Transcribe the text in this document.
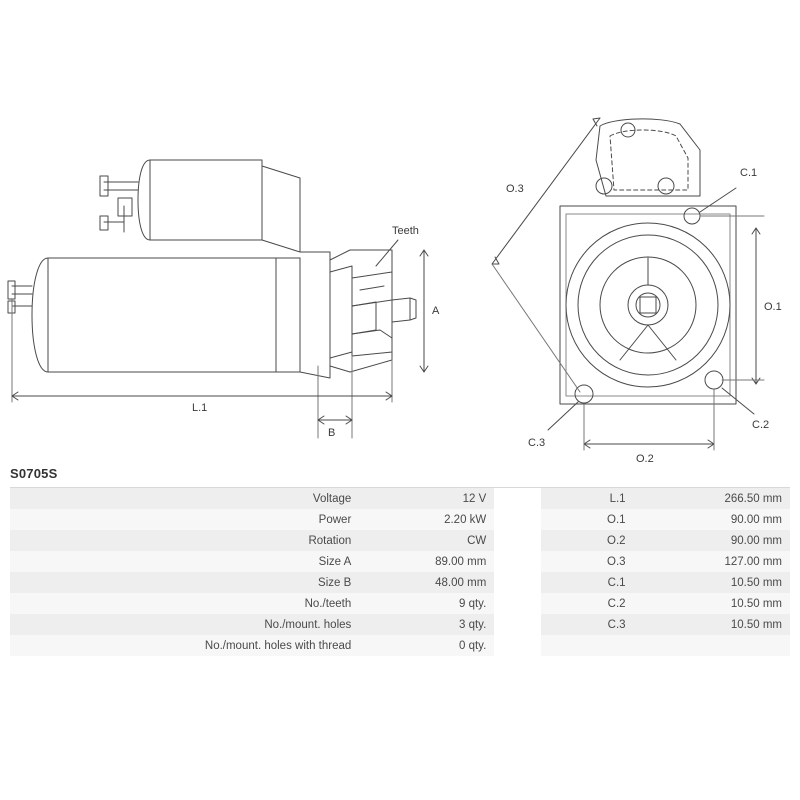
Teeth
A
L.1
B
C.1
C.2
C.3
O.3
O.1
O.2
S0705S
Voltage	12 V		L.1	266.50 mm
Power	2.20 kW		O.1	90.00 mm
Rotation	CW		O.2	90.00 mm
Size A	89.00 mm		O.3	127.00 mm
Size B	48.00 mm		C.1	10.50 mm
No./teeth	9 qty.		C.2	10.50 mm
No./mount. holes	3 qty.		C.3	10.50 mm
No./mount. holes with thread	0 qty.			
